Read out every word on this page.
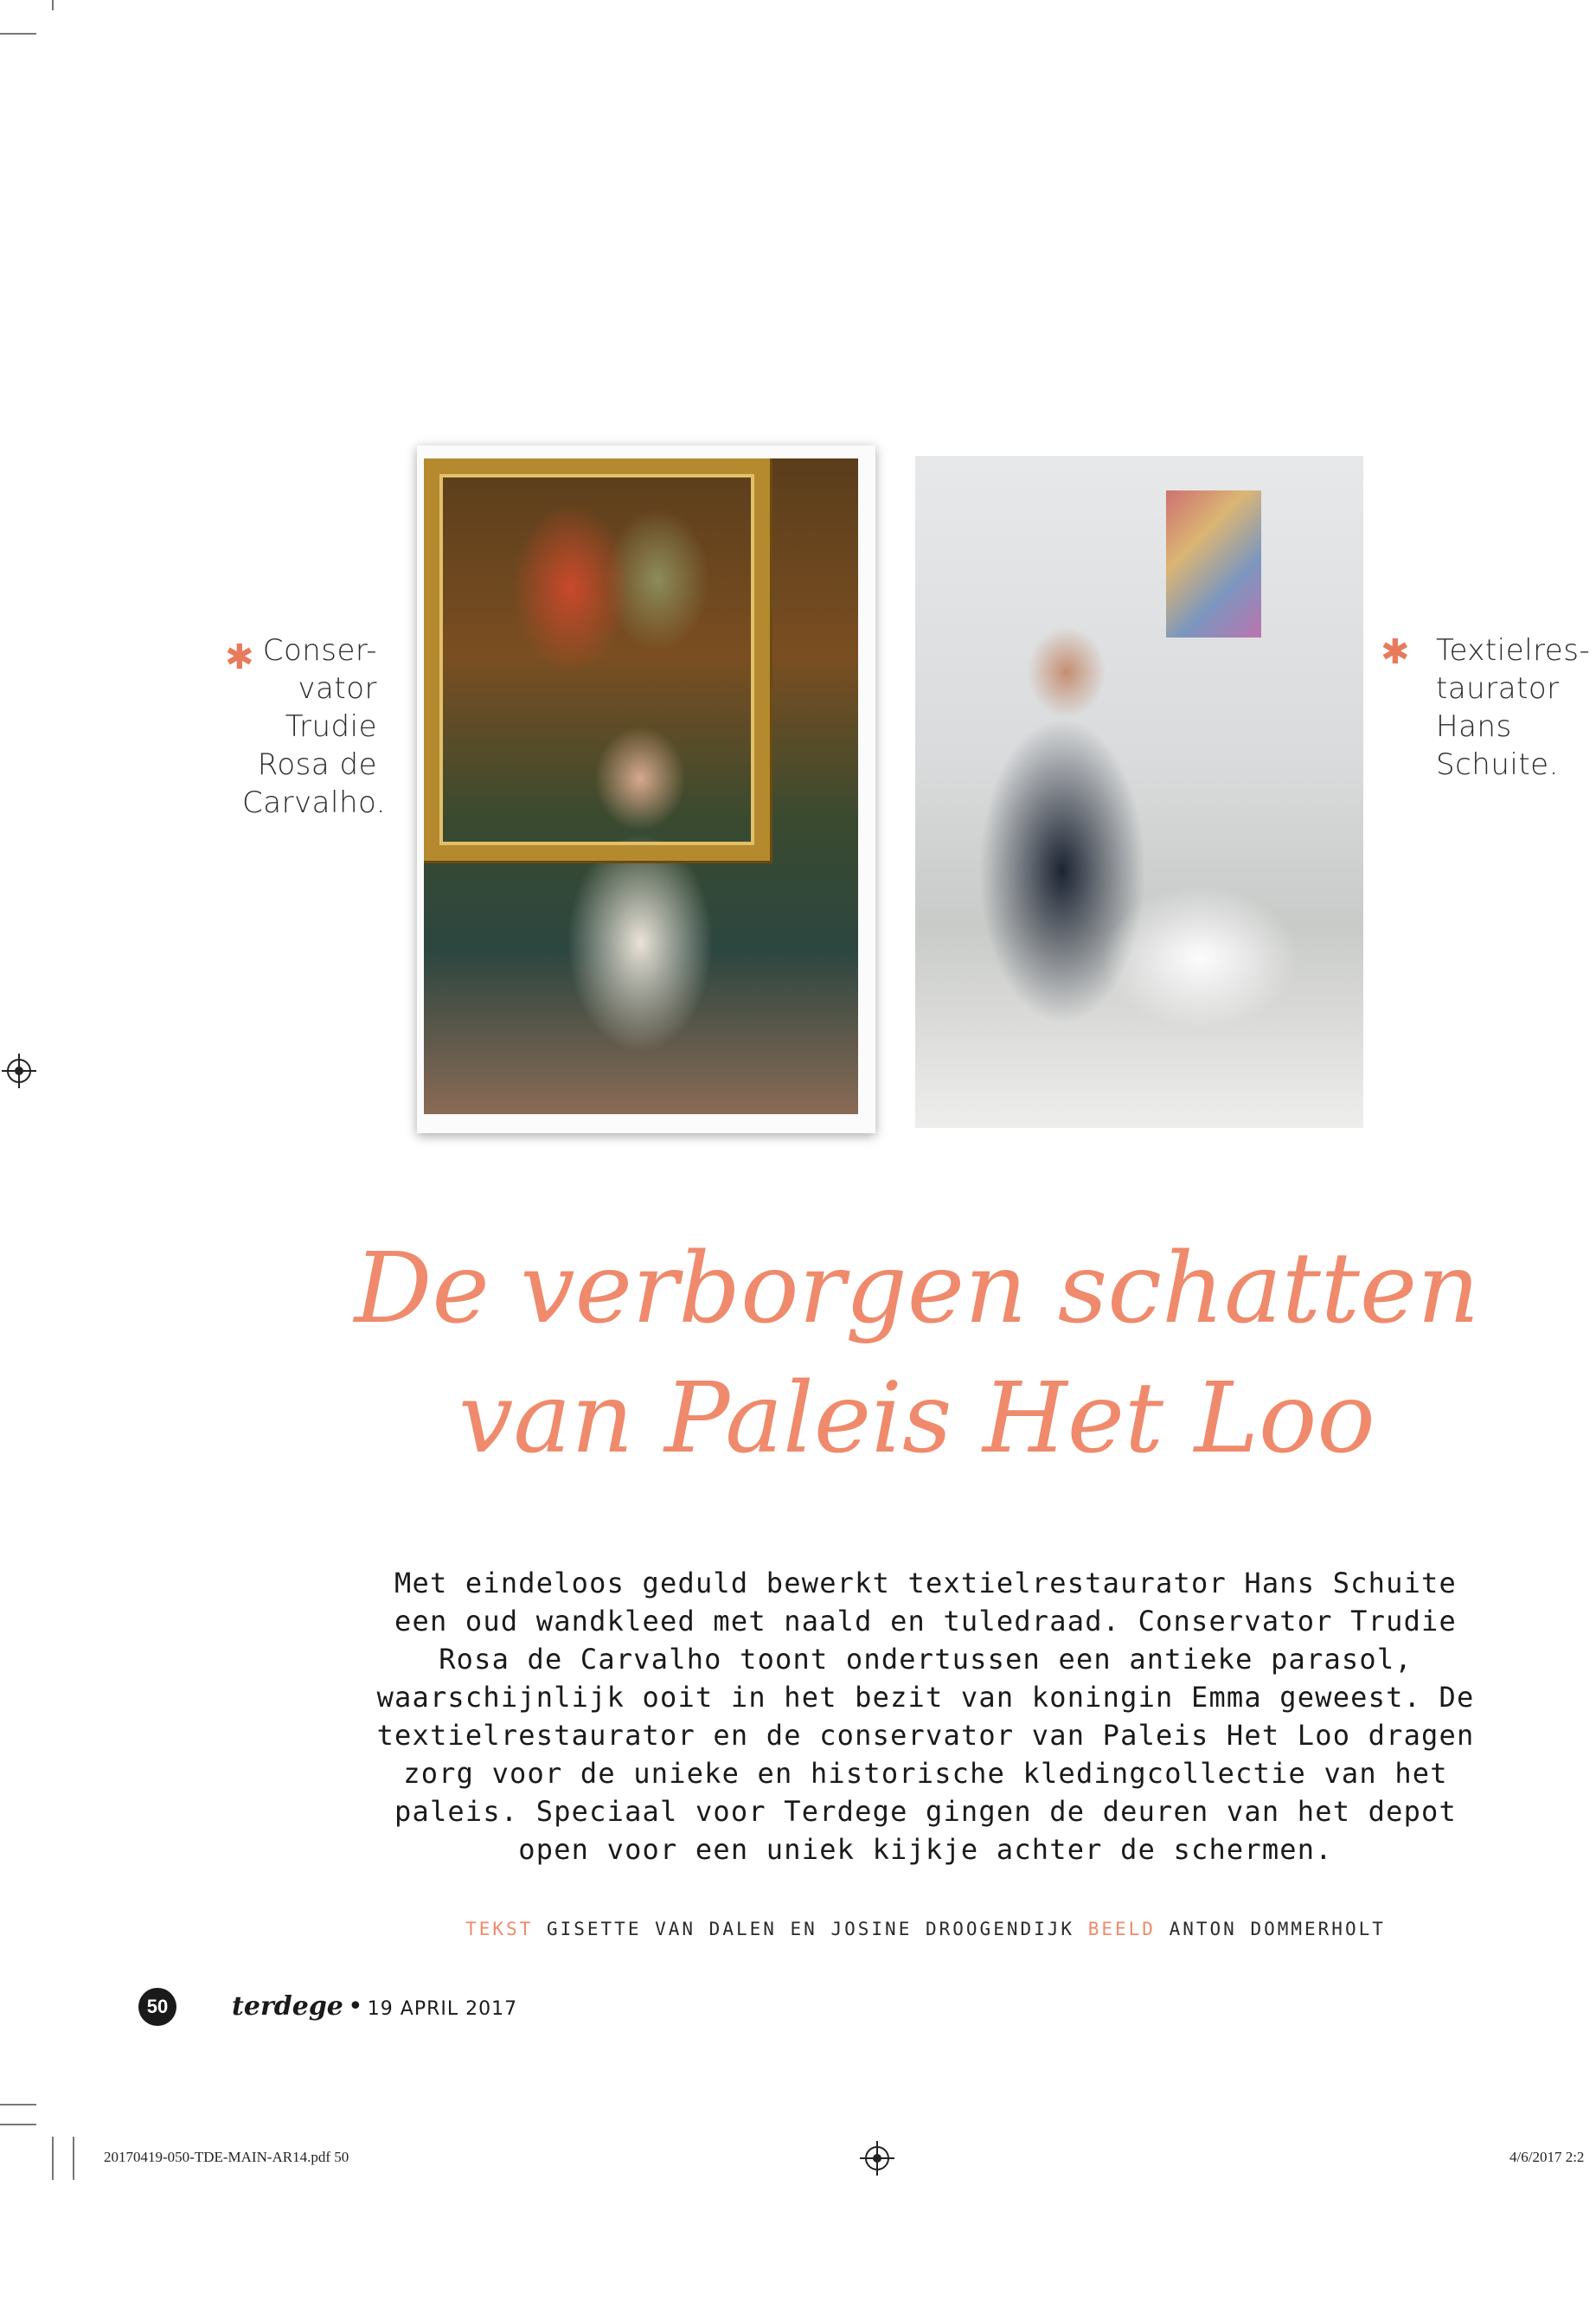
✱ Conser-
vator
Trudie
Rosa de
Carvalho.
✱ Textielres-
taurator
Hans
Schuite.
De verborgen schatten
van Paleis Het Loo
Met eindeloos geduld bewerkt textielrestaurator Hans Schuite
een oud wandkleed met naald en tuledraad. Conservator Trudie
Rosa de Carvalho toont ondertussen een antieke parasol,
waarschijnlijk ooit in het bezit van koningin Emma geweest. De
textielrestaurator en de conservator van Paleis Het Loo dragen
zorg voor de unieke en historische kledingcollectie van het
paleis. Speciaal voor Terdege gingen de deuren van het depot
open voor een uniek kijkje achter de schermen.
TEKST GISETTE VAN DALEN EN JOSINE DROOGENDIJK BEELD ANTON DOMMERHOLT
50	terdege • 19 APRIL 2017
20170419-050-TDE-MAIN-AR14.pdf 50	4/6/2017 2:2
